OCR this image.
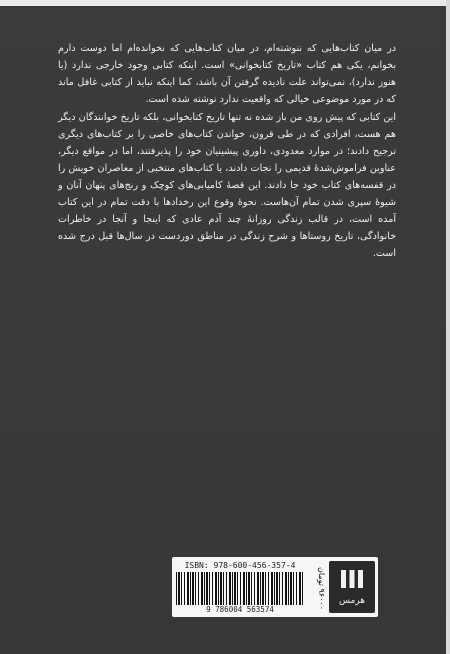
در میان کتاب‌هایی که ننوشته‌ام، در میان کتاب‌هایی که نخوانده‌ام اما دوست دارم بخوانم، یکی هم کتاب «تاریخ کتابخوانی» است. اینکه کتابی وجود خارجی ندارد (یا هنوز ندارد)، نمی‌تواند علت نادیده گرفتن آن باشد، کما اینکه نباید از کتابی غافل ماند که در مورد موضوعی خیالی که واقعیت ندارد نوشته شده است.

این کتابی که پیش روی من باز شده نه تنها تاریخ کتابخوانی، بلکه تاریخ خوانندگان دیگر هم هست، افرادی که در طی قرون، خواندن کتاب‌های خاصی را بر کتاب‌های دیگری ترجیح دادند؛ در موارد معدودی، داوری پیشینیان خود را پذیرفتند، اما در مواقع دیگر، عناوین فراموش‌شدهٔ قدیمی را نجات دادند، یا کتاب‌های منتخبی از معاصران خویش را در قفسه‌های کتاب خود جا دادند. این قصهٔ کامیابی‌های کوچک و رنج‌های پنهان آنان و شیوهٔ سپری شدن تمام آن‌هاست. نحوهٔ وقوع این رخدادها با دقت تمام در این کتاب آمده است، در قالب زندگی روزانهٔ چند آدم عادی که اینجا و آنجا در خاطرات خانوادگی، تاریخ روستاها و شرح زندگی در مناطق دوردست در سال‌ها قبل درج شده است.

ISBN: 978-600-456-357-4
9 786004 563574
۹۶۰۰۰ تومان	هرمس
